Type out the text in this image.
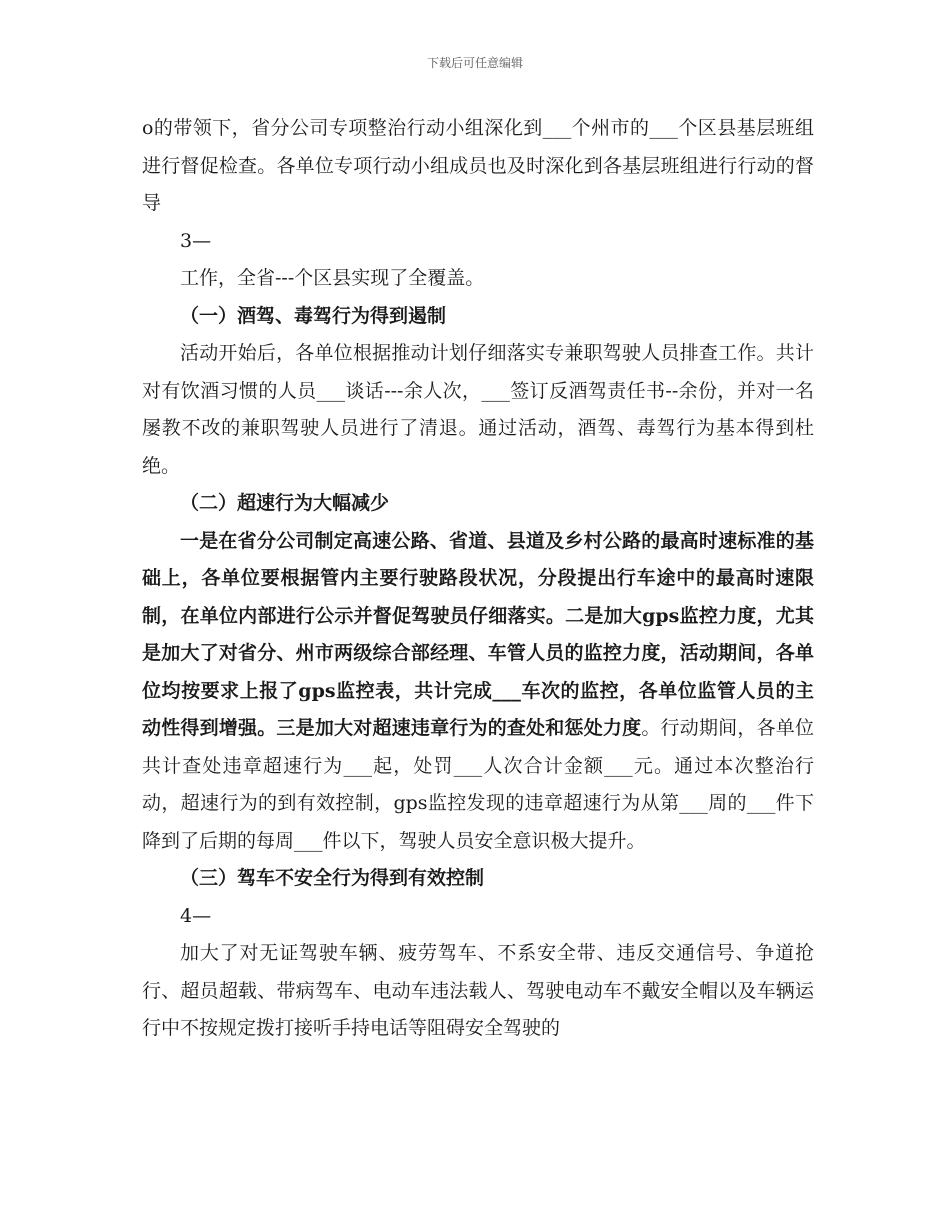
下载后可任意编辑

o的带领下，省分公司专项整治行动小组深化到___个州市的___个区县基层班组进行督促检查。各单位专项行动小组成员也及时深化到各基层班组进行行动的督导

3—

工作，全省---个区县实现了全覆盖。

（一）酒驾、毒驾行为得到遏制

活动开始后，各单位根据推动计划仔细落实专兼职驾驶人员排查工作。共计对有饮酒习惯的人员___谈话---余人次，___签订反酒驾责任书--余份，并对一名屡教不改的兼职驾驶人员进行了清退。通过活动，酒驾、毒驾行为基本得到杜绝。

（二）超速行为大幅减少

一是在省分公司制定高速公路、省道、县道及乡村公路的最高时速标准的基础上，各单位要根据管内主要行驶路段状况，分段提出行车途中的最高时速限制，在单位内部进行公示并督促驾驶员仔细落实。二是加大gps监控力度，尤其是加大了对省分、州市两级综合部经理、车管人员的监控力度，活动期间，各单位均按要求上报了gps监控表，共计完成___车次的监控，各单位监管人员的主动性得到增强。三是加大对超速违章行为的查处和惩处力度。行动期间，各单位共计查处违章超速行为___起，处罚___人次合计金额___元。通过本次整治行动，超速行为的到有效控制，gps监控发现的违章超速行为从第___周的___件下降到了后期的每周___件以下，驾驶人员安全意识极大提升。

（三）驾车不安全行为得到有效控制

4—

加大了对无证驾驶车辆、疲劳驾车、不系安全带、违反交通信号、争道抢行、超员超载、带病驾车、电动车违法载人、驾驶电动车不戴安全帽以及车辆运行中不按规定拨打接听手持电话等阻碍安全驾驶的
